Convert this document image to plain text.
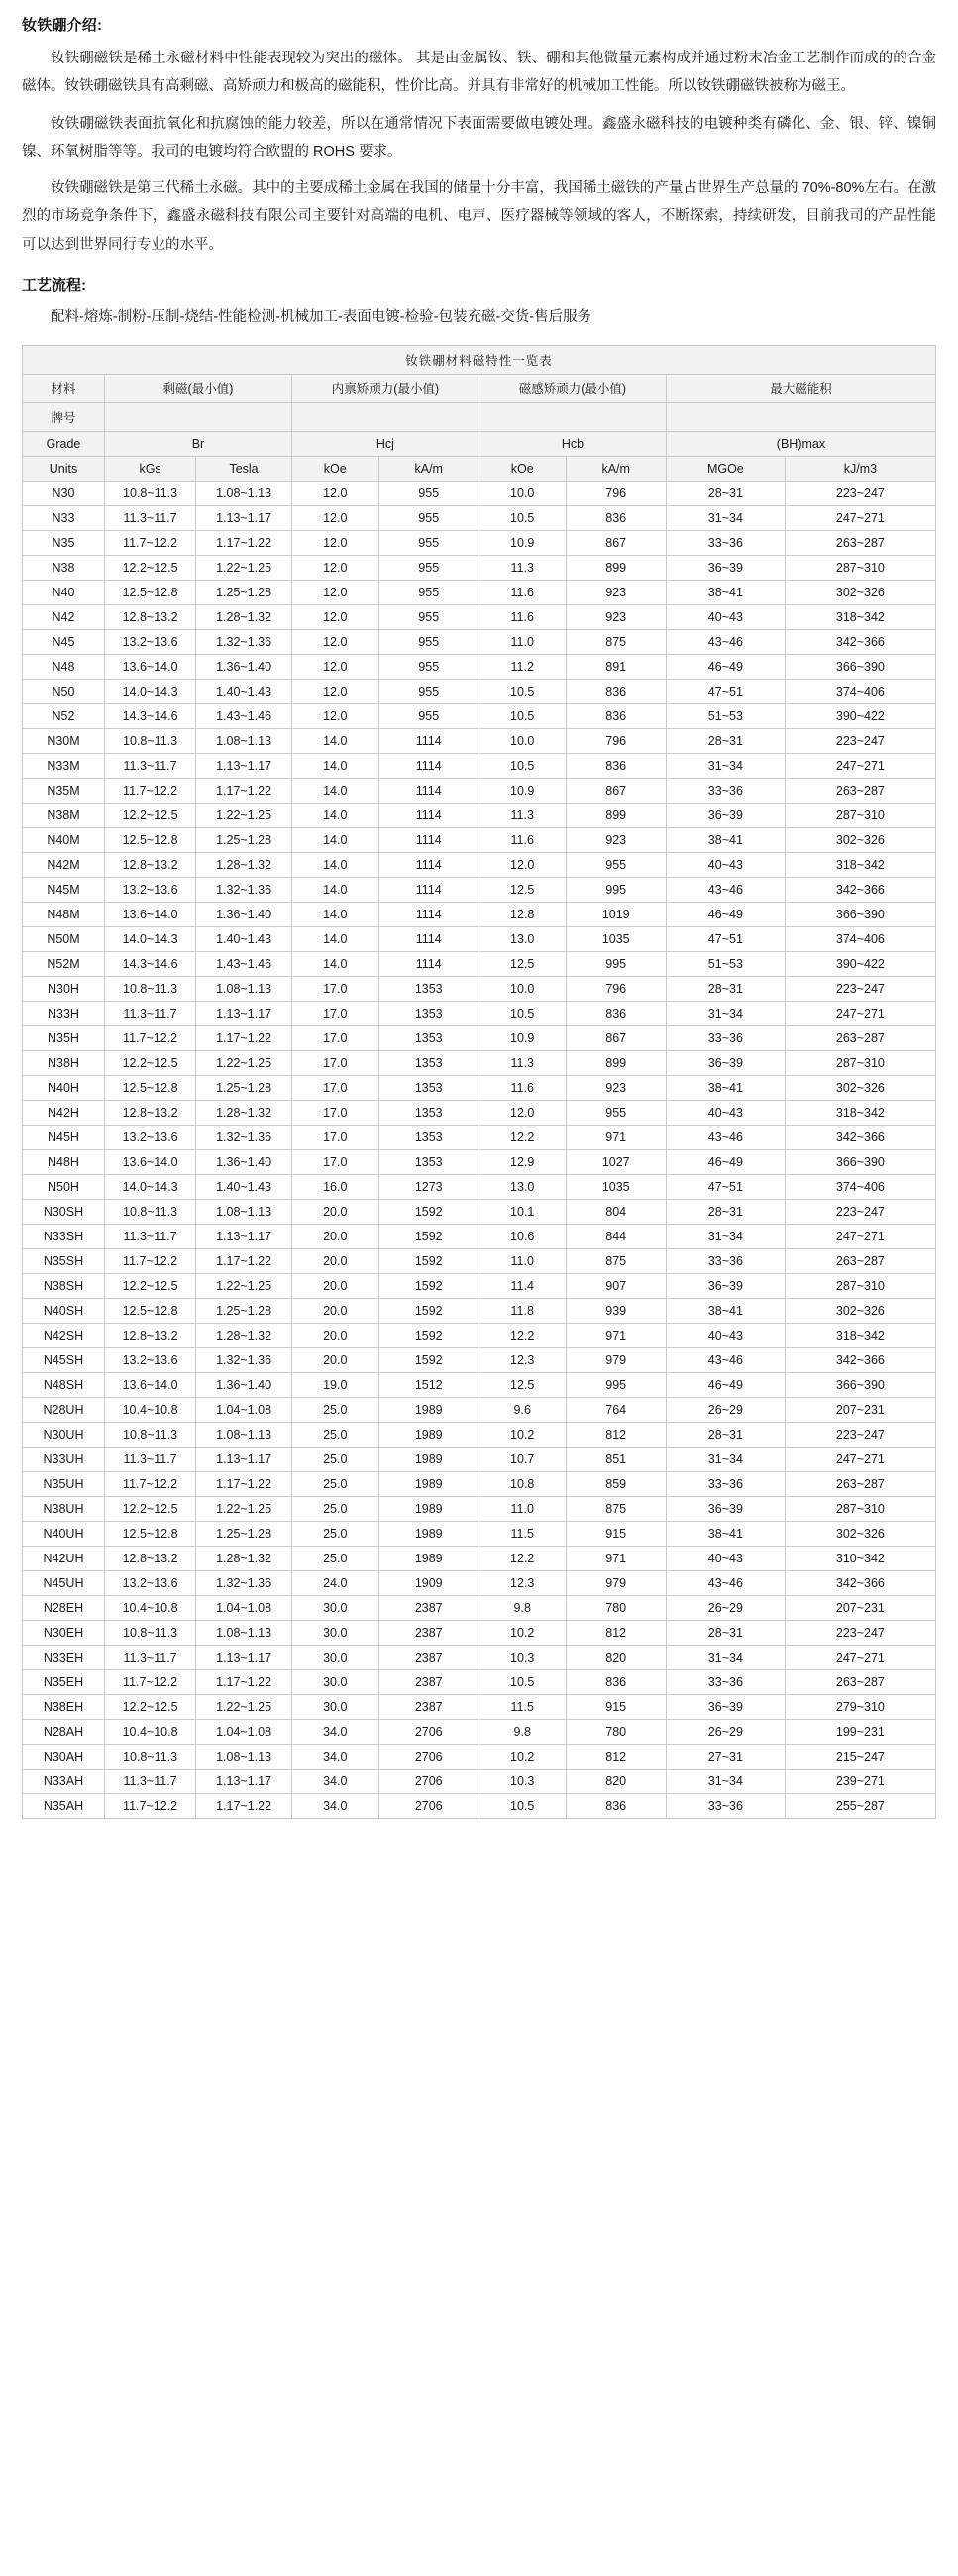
钕铁硼介绍:

钕铁硼磁铁是稀土永磁材料中性能表现较为突出的磁体。 其是由金属钕、铁、硼和其他微量元素构成并通过粉末冶金工艺制作而成的的合金磁体。钕铁硼磁铁具有高剩磁、高矫顽力和极高的磁能积，性价比高。并具有非常好的机械加工性能。所以钕铁硼磁铁被称为磁王。

钕铁硼磁铁表面抗氧化和抗腐蚀的能力较差，所以在通常情况下表面需要做电镀处理。鑫盛永磁科技的电镀种类有磷化、金、银、锌、镍铜镍、环氧树脂等等。我司的电镀均符合欧盟的 ROHS 要求。

钕铁硼磁铁是第三代稀土永磁。其中的主要成稀土金属在我国的储量十分丰富，我国稀土磁铁的产量占世界生产总量的 70%-80%左右。在激烈的市场竞争条件下，鑫盛永磁科技有限公司主要针对高端的电机、电声、医疗器械等领域的客人，不断探索，持续研发，目前我司的产品性能可以达到世界同行专业的水平。

工艺流程:

配料-熔炼-制粉-压制-烧结-性能检测-机械加工-表面电镀-检验-包装充磁-交货-售后服务

钕铁硼材料磁特性一览表								
材料	剩磁(最小值)		内禀矫顽力(最小值)		磁感矫顽力(最小值)		最大磁能积	
牌号								
Grade	Br		Hcj		Hcb		(BH)max	
Units	kGs	Tesla	kOe	kA/m	kOe	kA/m	MGOe	kJ/m3
N30	10.8~11.3	1.08~1.13	12.0	955	10.0	796	28~31	223~247
N33	11.3~11.7	1.13~1.17	12.0	955	10.5	836	31~34	247~271
N35	11.7~12.2	1.17~1.22	12.0	955	10.9	867	33~36	263~287
N38	12.2~12.5	1.22~1.25	12.0	955	11.3	899	36~39	287~310
N40	12.5~12.8	1.25~1.28	12.0	955	11.6	923	38~41	302~326
N42	12.8~13.2	1.28~1.32	12.0	955	11.6	923	40~43	318~342
N45	13.2~13.6	1.32~1.36	12.0	955	11.0	875	43~46	342~366
N48	13.6~14.0	1.36~1.40	12.0	955	11.2	891	46~49	366~390
N50	14.0~14.3	1.40~1.43	12.0	955	10.5	836	47~51	374~406
N52	14.3~14.6	1.43~1.46	12.0	955	10.5	836	51~53	390~422
N30M	10.8~11.3	1.08~1.13	14.0	1114	10.0	796	28~31	223~247
N33M	11.3~11.7	1.13~1.17	14.0	1114	10.5	836	31~34	247~271
N35M	11.7~12.2	1.17~1.22	14.0	1114	10.9	867	33~36	263~287
N38M	12.2~12.5	1.22~1.25	14.0	1114	11.3	899	36~39	287~310
N40M	12.5~12.8	1.25~1.28	14.0	1114	11.6	923	38~41	302~326
N42M	12.8~13.2	1.28~1.32	14.0	1114	12.0	955	40~43	318~342
N45M	13.2~13.6	1.32~1.36	14.0	1114	12.5	995	43~46	342~366
N48M	13.6~14.0	1.36~1.40	14.0	1114	12.8	1019	46~49	366~390
N50M	14.0~14.3	1.40~1.43	14.0	1114	13.0	1035	47~51	374~406
N52M	14.3~14.6	1.43~1.46	14.0	1114	12.5	995	51~53	390~422
N30H	10.8~11.3	1.08~1.13	17.0	1353	10.0	796	28~31	223~247
N33H	11.3~11.7	1.13~1.17	17.0	1353	10.5	836	31~34	247~271
N35H	11.7~12.2	1.17~1.22	17.0	1353	10.9	867	33~36	263~287
N38H	12.2~12.5	1.22~1.25	17.0	1353	11.3	899	36~39	287~310
N40H	12.5~12.8	1.25~1.28	17.0	1353	11.6	923	38~41	302~326
N42H	12.8~13.2	1.28~1.32	17.0	1353	12.0	955	40~43	318~342
N45H	13.2~13.6	1.32~1.36	17.0	1353	12.2	971	43~46	342~366
N48H	13.6~14.0	1.36~1.40	17.0	1353	12.9	1027	46~49	366~390
N50H	14.0~14.3	1.40~1.43	16.0	1273	13.0	1035	47~51	374~406
N30SH	10.8~11.3	1.08~1.13	20.0	1592	10.1	804	28~31	223~247
N33SH	11.3~11.7	1.13~1.17	20.0	1592	10.6	844	31~34	247~271
N35SH	11.7~12.2	1.17~1.22	20.0	1592	11.0	875	33~36	263~287
N38SH	12.2~12.5	1.22~1.25	20.0	1592	11.4	907	36~39	287~310
N40SH	12.5~12.8	1.25~1.28	20.0	1592	11.8	939	38~41	302~326
N42SH	12.8~13.2	1.28~1.32	20.0	1592	12.2	971	40~43	318~342
N45SH	13.2~13.6	1.32~1.36	20.0	1592	12.3	979	43~46	342~366
N48SH	13.6~14.0	1.36~1.40	19.0	1512	12.5	995	46~49	366~390
N28UH	10.4~10.8	1.04~1.08	25.0	1989	9.6	764	26~29	207~231
N30UH	10.8~11.3	1.08~1.13	25.0	1989	10.2	812	28~31	223~247
N33UH	11.3~11.7	1.13~1.17	25.0	1989	10.7	851	31~34	247~271
N35UH	11.7~12.2	1.17~1.22	25.0	1989	10.8	859	33~36	263~287
N38UH	12.2~12.5	1.22~1.25	25.0	1989	11.0	875	36~39	287~310
N40UH	12.5~12.8	1.25~1.28	25.0	1989	11.5	915	38~41	302~326
N42UH	12.8~13.2	1.28~1.32	25.0	1989	12.2	971	40~43	310~342
N45UH	13.2~13.6	1.32~1.36	24.0	1909	12.3	979	43~46	342~366
N28EH	10.4~10.8	1.04~1.08	30.0	2387	9.8	780	26~29	207~231
N30EH	10.8~11.3	1.08~1.13	30.0	2387	10.2	812	28~31	223~247
N33EH	11.3~11.7	1.13~1.17	30.0	2387	10.3	820	31~34	247~271
N35EH	11.7~12.2	1.17~1.22	30.0	2387	10.5	836	33~36	263~287
N38EH	12.2~12.5	1.22~1.25	30.0	2387	11.5	915	36~39	279~310
N28AH	10.4~10.8	1.04~1.08	34.0	2706	9.8	780	26~29	199~231
N30AH	10.8~11.3	1.08~1.13	34.0	2706	10.2	812	27~31	215~247
N33AH	11.3~11.7	1.13~1.17	34.0	2706	10.3	820	31~34	239~271
N35AH	11.7~12.2	1.17~1.22	34.0	2706	10.5	836	33~36	255~287
